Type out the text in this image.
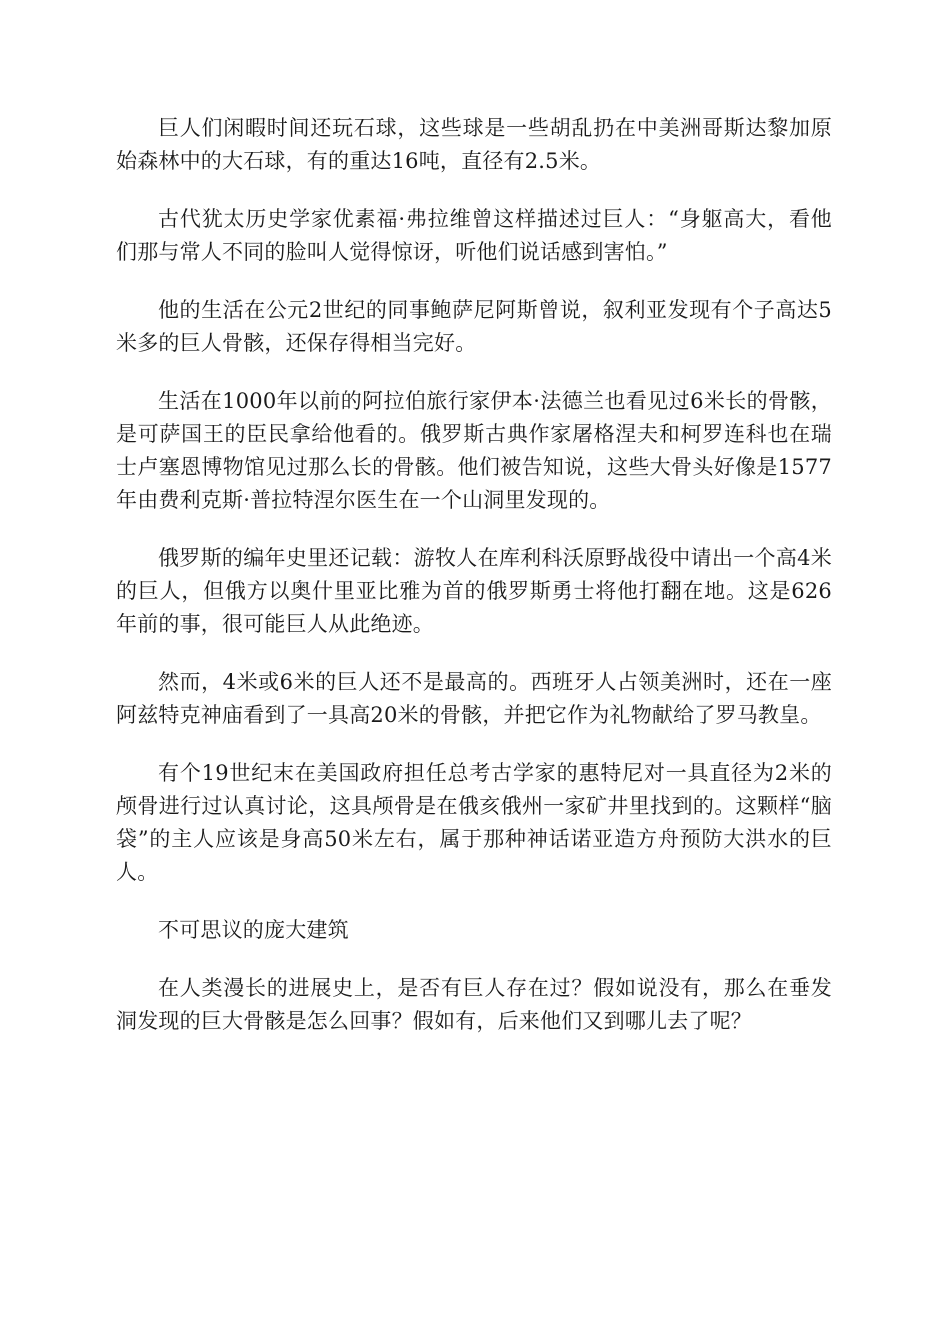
巨人们闲暇时间还玩石球，这些球是一些胡乱扔在中美洲哥斯达黎加原始森林中的大石球，有的重达16吨，直径有2.5米。

古代犹太历史学家优素福·弗拉维曾这样描述过巨人：“身躯高大，看他们那与常人不同的脸叫人觉得惊讶，听他们说话感到害怕。”

他的生活在公元2世纪的同事鲍萨尼阿斯曾说，叙利亚发现有个子高达5米多的巨人骨骸，还保存得相当完好。

生活在1000年以前的阿拉伯旅行家伊本·法德兰也看见过6米长的骨骸，是可萨国王的臣民拿给他看的。俄罗斯古典作家屠格涅夫和柯罗连科也在瑞士卢塞恩博物馆见过那么长的骨骸。他们被告知说，这些大骨头好像是1577年由费利克斯·普拉特涅尔医生在一个山洞里发现的。

俄罗斯的编年史里还记载：游牧人在库利科沃原野战役中请出一个高4米的巨人，但俄方以奥什里亚比雅为首的俄罗斯勇士将他打翻在地。这是626年前的事，很可能巨人从此绝迹。

然而，4米或6米的巨人还不是最高的。西班牙人占领美洲时，还在一座阿兹特克神庙看到了一具高20米的骨骸，并把它作为礼物献给了罗马教皇。

有个19世纪末在美国政府担任总考古学家的惠特尼对一具直径为2米的颅骨进行过认真讨论，这具颅骨是在俄亥俄州一家矿井里找到的。这颗样“脑袋”的主人应该是身高50米左右，属于那种神话诺亚造方舟预防大洪水的巨人。

不可思议的庞大建筑

在人类漫长的进展史上，是否有巨人存在过？假如说没有，那么在垂发洞发现的巨大骨骸是怎么回事？假如有，后来他们又到哪儿去了呢？
